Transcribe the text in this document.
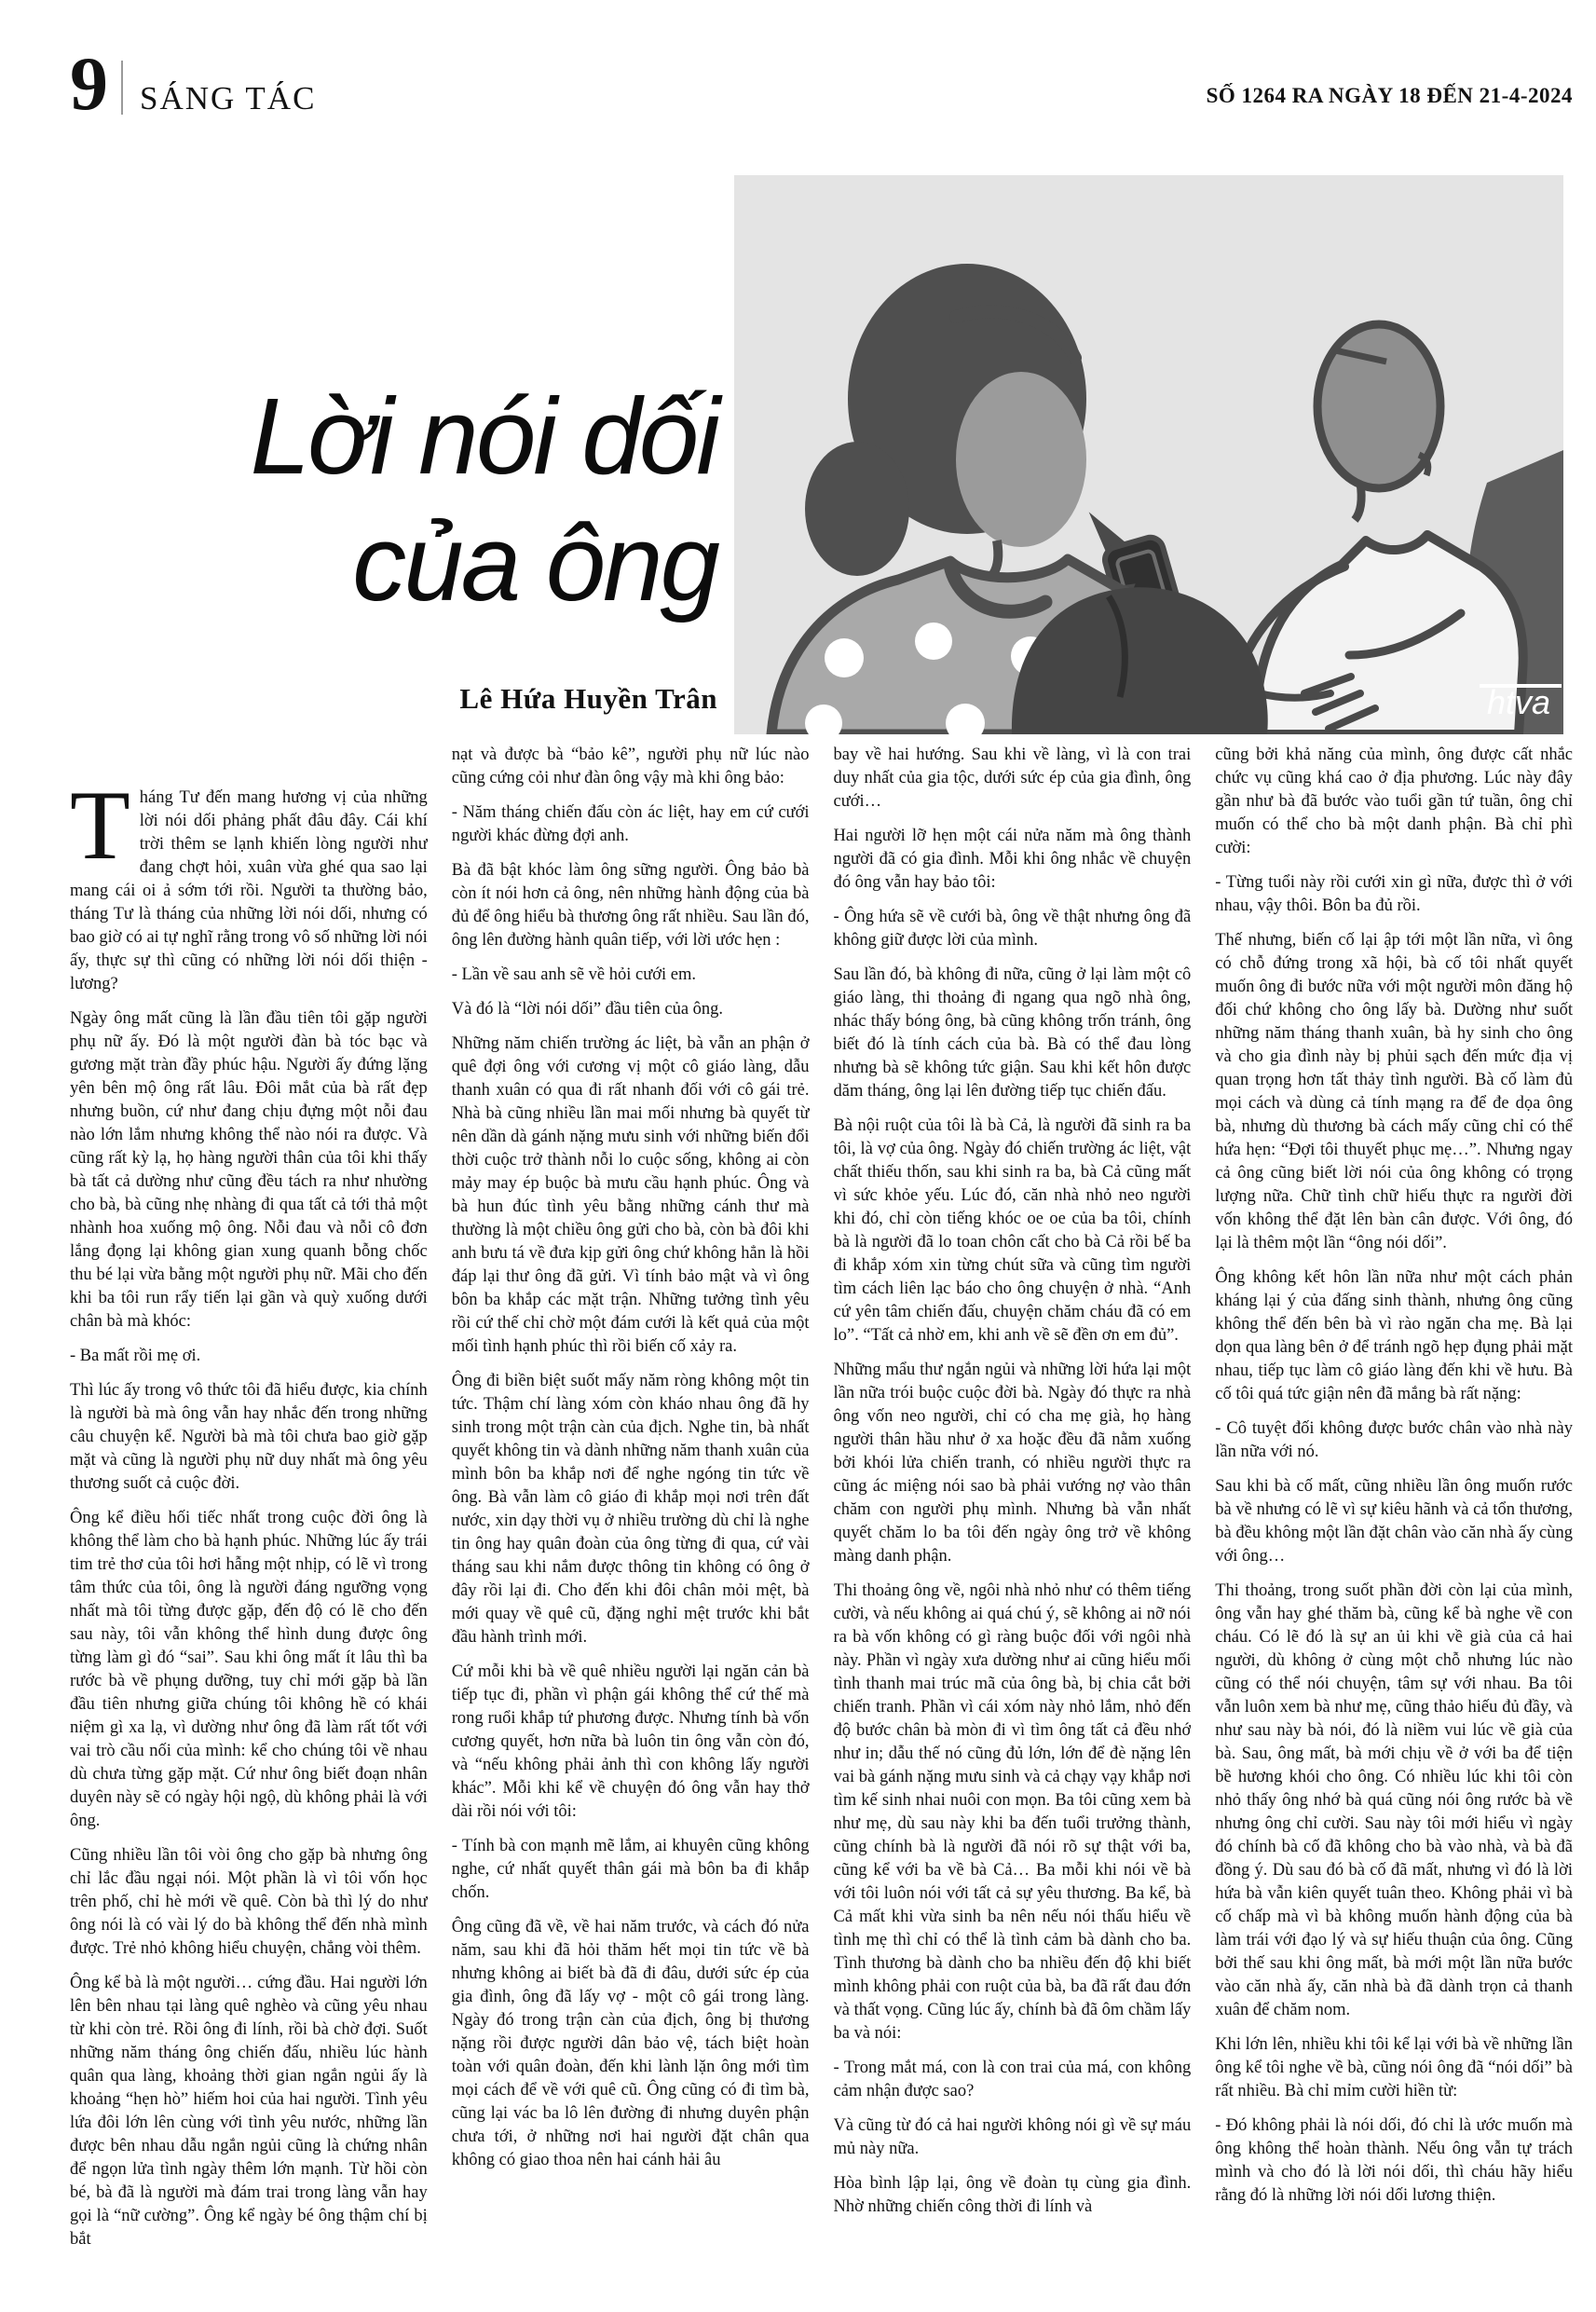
9 SÁNG TÁC	SỐ 1264 RA NGÀY 18 ĐẾN 21-4-2024
Lời nói dối
của ông
Lê Hứa Huyền Trân	htva

Tháng Tư đến mang hương vị của những lời nói dối phảng phất đâu đây. Cái khí trời thêm se lạnh khiến lòng người như đang chợt hỏi, xuân vừa ghé qua sao lại mang cái oi ả sớm tới rồi. Người ta thường bảo, tháng Tư là tháng của những lời nói dối, nhưng có bao giờ có ai tự nghĩ rằng trong vô số những lời nói ấy, thực sự thì cũng có những lời nói dối thiện - lương?

Ngày ông mất cũng là lần đầu tiên tôi gặp người phụ nữ ấy. Đó là một người đàn bà tóc bạc và gương mặt tràn đầy phúc hậu. Người ấy đứng lặng yên bên mộ ông rất lâu. Đôi mắt của bà rất đẹp nhưng buồn, cứ như đang chịu đựng một nỗi đau nào lớn lắm nhưng không thể nào nói ra được. Và cũng rất kỳ lạ, họ hàng người thân của tôi khi thấy bà tất cả dường như cũng đều tách ra như nhường cho bà, bà cũng nhẹ nhàng đi qua tất cả tới thả một nhành hoa xuống mộ ông. Nỗi đau và nỗi cô đơn lắng đọng lại không gian xung quanh bỗng chốc thu bé lại vừa bằng một người phụ nữ. Mãi cho đến khi ba tôi run rẩy tiến lại gần và quỳ xuống dưới chân bà mà khóc:

- Ba mất rồi mẹ ơi.

Thì lúc ấy trong vô thức tôi đã hiểu được, kia chính là người bà mà ông vẫn hay nhắc đến trong những câu chuyện kể. Người bà mà tôi chưa bao giờ gặp mặt và cũng là người phụ nữ duy nhất mà ông yêu thương suốt cả cuộc đời.

Ông kể điều hối tiếc nhất trong cuộc đời ông là không thể làm cho bà hạnh phúc. Những lúc ấy trái tim trẻ thơ của tôi hơi hẫng một nhịp, có lẽ vì trong tâm thức của tôi, ông là người đáng ngưỡng vọng nhất mà tôi từng được gặp, đến độ có lẽ cho đến sau này, tôi vẫn không thể hình dung được ông từng làm gì đó “sai”. Sau khi ông mất ít lâu thì ba rước bà về phụng dưỡng, tuy chỉ mới gặp bà lần đầu tiên nhưng giữa chúng tôi không hề có khái niệm gì xa lạ, vì dường như ông đã làm rất tốt với vai trò cầu nối của mình: kể cho chúng tôi về nhau dù chưa từng gặp mặt. Cứ như ông biết đoạn nhân duyên này sẽ có ngày hội ngộ, dù không phải là với ông.

Cũng nhiều lần tôi vòi ông cho gặp bà nhưng ông chỉ lắc đầu ngại nói. Một phần là vì tôi vốn học trên phố, chỉ hè mới về quê. Còn bà thì lý do như ông nói là có vài lý do bà không thể đến nhà mình được. Trẻ nhỏ không hiểu chuyện, chẳng vòi thêm.

Ông kể bà là một người… cứng đầu. Hai người lớn lên bên nhau tại làng quê nghèo và cũng yêu nhau từ khi còn trẻ. Rồi ông đi lính, rồi bà chờ đợi. Suốt những năm tháng ông chiến đấu, nhiều lúc hành quân qua làng, khoảng thời gian ngắn ngủi ấy là khoảng “hẹn hò” hiếm hoi của hai người. Tình yêu lứa đôi lớn lên cùng với tình yêu nước, những lần được bên nhau dẫu ngắn ngủi cũng là chứng nhân để ngọn lửa tình ngày thêm lớn mạnh. Từ hồi còn bé, bà đã là người mà đám trai trong làng vẫn hay gọi là “nữ cường”. Ông kể ngày bé ông thậm chí bị bắt

nạt và được bà “bảo kê”, người phụ nữ lúc nào cũng cứng cỏi như đàn ông vậy mà khi ông bảo:

- Năm tháng chiến đấu còn ác liệt, hay em cứ cưới người khác đừng đợi anh.

Bà đã bật khóc làm ông sững người. Ông bảo bà còn ít nói hơn cả ông, nên những hành động của bà đủ để ông hiểu bà thương ông rất nhiều. Sau lần đó, ông lên đường hành quân tiếp, với lời ước hẹn :

- Lần về sau anh sẽ về hỏi cưới em.

Và đó là “lời nói dối” đầu tiên của ông.

Những năm chiến trường ác liệt, bà vẫn an phận ở quê đợi ông với cương vị một cô giáo làng, dẫu thanh xuân có qua đi rất nhanh đối với cô gái trẻ. Nhà bà cũng nhiều lần mai mối nhưng bà quyết từ nên dần dà gánh nặng mưu sinh với những biến đổi thời cuộc trở thành nỗi lo cuộc sống, không ai còn mảy may ép buộc bà mưu cầu hạnh phúc. Ông và bà hun đúc tình yêu bằng những cánh thư mà thường là một chiều ông gửi cho bà, còn bà đôi khi anh bưu tá về đưa kịp gửi ông chứ không hẳn là hồi đáp lại thư ông đã gửi. Vì tính bảo mật và vì ông bôn ba khắp các mặt trận. Những tưởng tình yêu rồi cứ thế chỉ chờ một đám cưới là kết quả của một mối tình hạnh phúc thì rồi biến cố xảy ra.

Ông đi biền biệt suốt mấy năm ròng không một tin tức. Thậm chí làng xóm còn kháo nhau ông đã hy sinh trong một trận càn của địch. Nghe tin, bà nhất quyết không tin và dành những năm thanh xuân của mình bôn ba khắp nơi để nghe ngóng tin tức về ông. Bà vẫn làm cô giáo đi khắp mọi nơi trên đất nước, xin dạy thời vụ ở nhiều trường dù chỉ là nghe tin ông hay quân đoàn của ông từng đi qua, cứ vài tháng sau khi nắm được thông tin không có ông ở đây rồi lại đi. Cho đến khi đôi chân mỏi mệt, bà mới quay về quê cũ, đặng nghỉ mệt trước khi bắt đầu hành trình mới.

Cứ mỗi khi bà về quê nhiều người lại ngăn cản bà tiếp tục đi, phần vì phận gái không thể cứ thế mà rong ruổi khắp tứ phương được. Nhưng tính bà vốn cương quyết, hơn nữa bà luôn tin ông vẫn còn đó, và “nếu không phải ảnh thì con không lấy người khác”. Mỗi khi kể về chuyện đó ông vẫn hay thở dài rồi nói với tôi:

- Tính bà con mạnh mẽ lắm, ai khuyên cũng không nghe, cứ nhất quyết thân gái mà bôn ba đi khắp chốn.

Ông cũng đã về, về hai năm trước, và cách đó nửa năm, sau khi đã hỏi thăm hết mọi tin tức về bà nhưng không ai biết bà đã đi đâu, dưới sức ép của gia đình, ông đã lấy vợ - một cô gái trong làng. Ngày đó trong trận càn của địch, ông bị thương nặng rồi được người dân bảo vệ, tách biệt hoàn toàn với quân đoàn, đến khi lành lặn ông mới tìm mọi cách để về với quê cũ. Ông cũng có đi tìm bà, cũng lại vác ba lô lên đường đi nhưng duyên phận chưa tới, ở những nơi hai người đặt chân qua không có giao thoa nên hai cánh hải âu

bay về hai hướng. Sau khi về làng, vì là con trai duy nhất của gia tộc, dưới sức ép của gia đình, ông cưới…

Hai người lỡ hẹn một cái nửa năm mà ông thành người đã có gia đình. Mỗi khi ông nhắc về chuyện đó ông vẫn hay bảo tôi:

- Ông hứa sẽ về cưới bà, ông về thật nhưng ông đã không giữ được lời của mình.

Sau lần đó, bà không đi nữa, cũng ở lại làm một cô giáo làng, thi thoảng đi ngang qua ngõ nhà ông, nhác thấy bóng ông, bà cũng không trốn tránh, ông biết đó là tính cách của bà. Bà có thể đau lòng nhưng bà sẽ không tức giận. Sau khi kết hôn được dăm tháng, ông lại lên đường tiếp tục chiến đấu.

Bà nội ruột của tôi là bà Cả, là người đã sinh ra ba tôi, là vợ của ông. Ngày đó chiến trường ác liệt, vật chất thiếu thốn, sau khi sinh ra ba, bà Cả cũng mất vì sức khỏe yếu. Lúc đó, căn nhà nhỏ neo người khi đó, chỉ còn tiếng khóc oe oe của ba tôi, chính bà là người đã lo toan chôn cất cho bà Cả rồi bế ba đi khắp xóm xin từng chút sữa và cũng tìm người tìm cách liên lạc báo cho ông chuyện ở nhà. “Anh cứ yên tâm chiến đấu, chuyện chăm cháu đã có em lo”. “Tất cả nhờ em, khi anh về sẽ đền ơn em đủ”.

Những mẩu thư ngắn ngủi và những lời hứa lại một lần nữa trói buộc cuộc đời bà. Ngày đó thực ra nhà ông vốn neo người, chỉ có cha mẹ già, họ hàng người thân hầu như ở xa hoặc đều đã nằm xuống bởi khói lửa chiến tranh, có nhiều người thực ra cũng ác miệng nói sao bà phải vướng nợ vào thân chăm con người phụ mình. Nhưng bà vẫn nhất quyết chăm lo ba tôi đến ngày ông trở về không màng danh phận.

Thi thoảng ông về, ngôi nhà nhỏ như có thêm tiếng cười, và nếu không ai quá chú ý, sẽ không ai nỡ nói ra bà vốn không có gì ràng buộc đối với ngôi nhà này. Phần vì ngày xưa dường như ai cũng hiểu mối tình thanh mai trúc mã của ông bà, bị chia cắt bởi chiến tranh. Phần vì cái xóm này nhỏ lắm, nhỏ đến độ bước chân bà mòn đi vì tìm ông tất cả đều nhớ như in; dẫu thế nó cũng đủ lớn, lớn để đè nặng lên vai bà gánh nặng mưu sinh và cả chạy vạy khắp nơi tìm kế sinh nhai nuôi con mọn. Ba tôi cũng xem bà như mẹ, dù sau này khi ba đến tuổi trưởng thành, cũng chính bà là người đã nói rõ sự thật với ba, cũng kể với ba về bà Cả… Ba mỗi khi nói về bà với tôi luôn nói với tất cả sự yêu thương. Ba kể, bà Cả mất khi vừa sinh ba nên nếu nói thấu hiểu về tình mẹ thì chỉ có thể là tình cảm bà dành cho ba. Tình thương bà dành cho ba nhiều đến độ khi biết mình không phải con ruột của bà, ba đã rất đau đớn và thất vọng. Cũng lúc ấy, chính bà đã ôm chầm lấy ba và nói:

- Trong mắt má, con là con trai của má, con không cảm nhận được sao?

Và cũng từ đó cả hai người không nói gì về sự máu mủ này nữa.

Hòa bình lập lại, ông về đoàn tụ cùng gia đình. Nhờ những chiến công thời đi lính và

cũng bởi khả năng của mình, ông được cất nhắc chức vụ cũng khá cao ở địa phương. Lúc này đây gần như bà đã bước vào tuổi gần tứ tuần, ông chỉ muốn có thể cho bà một danh phận. Bà chỉ phì cười:

- Từng tuổi này rồi cưới xin gì nữa, được thì ở với nhau, vậy thôi. Bôn ba đủ rồi.

Thế nhưng, biến cố lại ập tới một lần nữa, vì ông có chỗ đứng trong xã hội, bà cố tôi nhất quyết muốn ông đi bước nữa với một người môn đăng hộ đối chứ không cho ông lấy bà. Dường như suốt những năm tháng thanh xuân, bà hy sinh cho ông và cho gia đình này bị phủi sạch đến mức địa vị quan trọng hơn tất thảy tình người. Bà cố làm đủ mọi cách và dùng cả tính mạng ra để đe dọa ông bà, nhưng dù thương bà cách mấy cũng chỉ có thể hứa hẹn: “Đợi tôi thuyết phục mẹ…”. Nhưng ngay cả ông cũng biết lời nói của ông không có trọng lượng nữa. Chữ tình chữ hiếu thực ra người đời vốn không thể đặt lên bàn cân được. Với ông, đó lại là thêm một lần “ông nói dối”.

Ông không kết hôn lần nữa như một cách phản kháng lại ý của đấng sinh thành, nhưng ông cũng không thể đến bên bà vì rào ngăn cha mẹ. Bà lại dọn qua làng bên ở để tránh ngõ hẹp đụng phải mặt nhau, tiếp tục làm cô giáo làng đến khi về hưu. Bà cố tôi quá tức giận nên đã mắng bà rất nặng:

- Cô tuyệt đối không được bước chân vào nhà này lần nữa với nó.

Sau khi bà cố mất, cũng nhiều lần ông muốn rước bà về nhưng có lẽ vì sự kiêu hãnh và cả tổn thương, bà đều không một lần đặt chân vào căn nhà ấy cùng với ông…

Thi thoảng, trong suốt phần đời còn lại của mình, ông vẫn hay ghé thăm bà, cũng kể bà nghe về con cháu. Có lẽ đó là sự an ủi khi về già của cả hai người, dù không ở cùng một chỗ nhưng lúc nào cũng có thể nói chuyện, tâm sự với nhau. Ba tôi vẫn luôn xem bà như mẹ, cũng thảo hiếu đủ đầy, và như sau này bà nói, đó là niềm vui lúc về già của bà. Sau, ông mất, bà mới chịu về ở với ba để tiện bề hương khói cho ông. Có nhiều lúc khi tôi còn nhỏ thấy ông nhớ bà quá cũng nói ông rước bà về nhưng ông chỉ cười. Sau này tôi mới hiểu vì ngày đó chính bà cố đã không cho bà vào nhà, và bà đã đồng ý. Dù sau đó bà cố đã mất, nhưng vì đó là lời hứa bà vẫn kiên quyết tuân theo. Không phải vì bà cố chấp mà vì bà không muốn hành động của bà làm trái với đạo lý và sự hiếu thuận của ông. Cũng bởi thế sau khi ông mất, bà mới một lần nữa bước vào căn nhà ấy, căn nhà bà đã dành trọn cả thanh xuân để chăm nom.

Khi lớn lên, nhiều khi tôi kể lại với bà về những lần ông kể tôi nghe về bà, cũng nói ông đã “nói dối” bà rất nhiều. Bà chỉ mỉm cười hiền từ:

- Đó không phải là nói dối, đó chỉ là ước muốn mà ông không thể hoàn thành. Nếu ông vẫn tự trách mình và cho đó là lời nói dối, thì cháu hãy hiểu rằng đó là những lời nói dối lương thiện.
